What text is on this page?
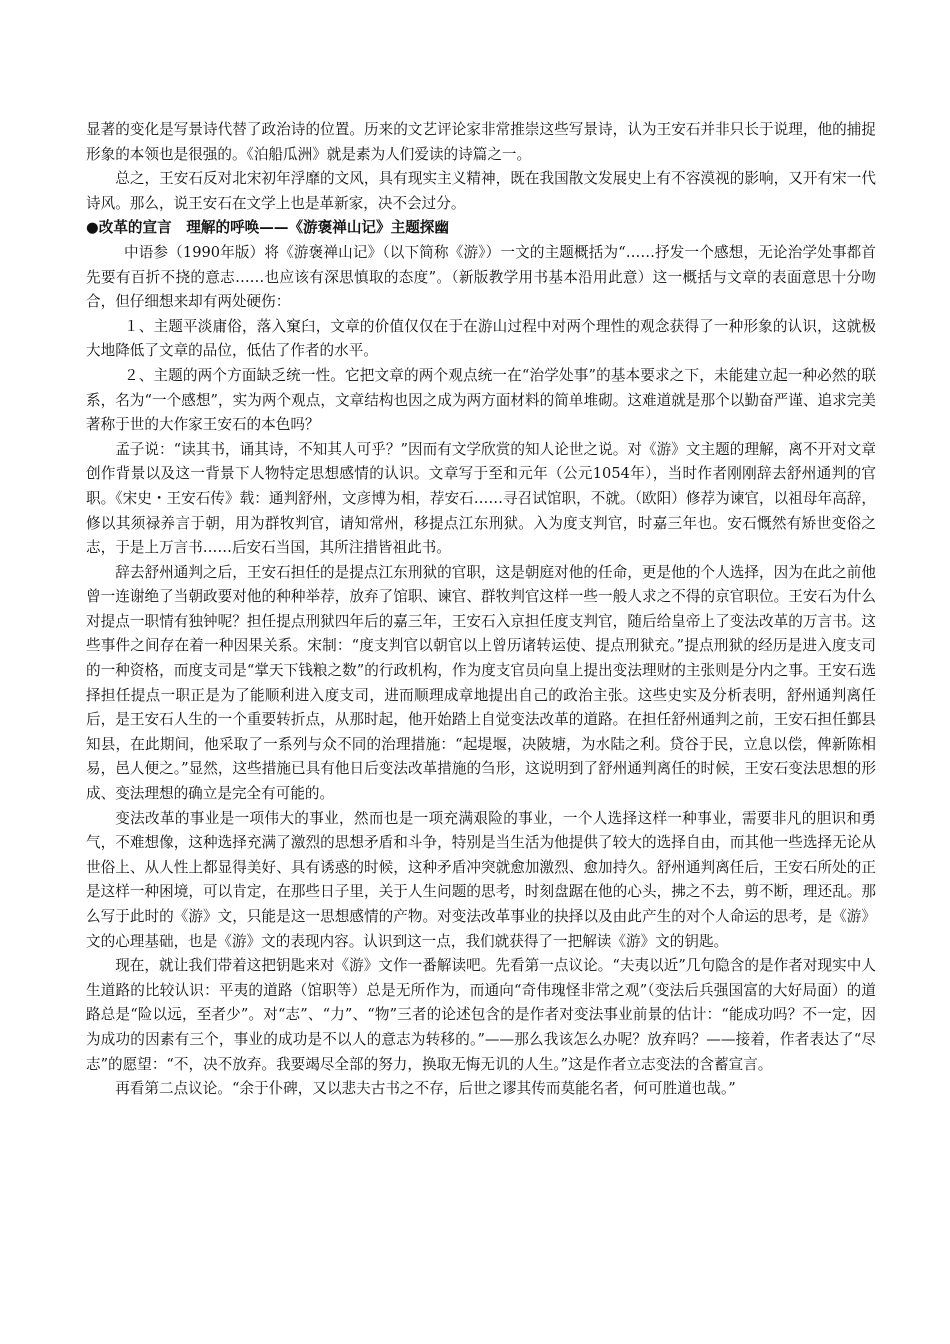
显著的变化是写景诗代替了政治诗的位置。历来的文艺评论家非常推崇这些写景诗，认为王安石并非只长于说理，他的捕捉形象的本领也是很强的。《泊船瓜洲》就是素为人们爱读的诗篇之一。

总之，王安石反对北宋初年浮靡的文风，具有现实主义精神，既在我国散文发展史上有不容漠视的影响，又开有宋一代诗风。那么，说王安石在文学上也是革新家，决不会过分。

●改革的宣言　理解的呼唤——《游褒禅山记》主题探幽

中语参（1990年版）将《游褒禅山记》（以下简称《游》）一文的主题概括为“……抒发一个感想，无论治学处事都首先要有百折不挠的意志……也应该有深思慎取的态度”。（新版教学用书基本沿用此意）这一概括与文章的表面意思十分吻合，但仔细想来却有两处硬伤：

１、主题平淡庸俗，落入窠臼，文章的价值仅仅在于在游山过程中对两个理性的观念获得了一种形象的认识，这就极大地降低了文章的品位，低估了作者的水平。

２、主题的两个方面缺乏统一性。它把文章的两个观点统一在“治学处事”的基本要求之下，未能建立起一种必然的联系，名为“一个感想”，实为两个观点，文章结构也因之成为两方面材料的简单堆砌。这难道就是那个以勤奋严谨、追求完美著称于世的大作家王安石的本色吗？

孟子说：“读其书，诵其诗，不知其人可乎？”因而有文学欣赏的知人论世之说。对《游》文主题的理解，离不开对文章创作背景以及这一背景下人物特定思想感情的认识。文章写于至和元年（公元1054年），当时作者刚刚辞去舒州通判的官职。《宋史・王安石传》载：通判舒州，文彦博为相，荐安石……寻召试馆职，不就。（欧阳）修荐为谏官，以祖母年高辞，修以其须禄养言于朝，用为群牧判官，请知常州，移提点江东刑狱。入为度支判官，时嘉三年也。安石慨然有矫世变俗之志，于是上万言书……后安石当国，其所注措皆祖此书。

辞去舒州通判之后，王安石担任的是提点江东刑狱的官职，这是朝庭对他的任命，更是他的个人选择，因为在此之前他曾一连谢绝了当朝政要对他的种种举荐，放弃了馆职、谏官、群牧判官这样一些一般人求之不得的京官职位。王安石为什么对提点一职情有独钟呢？担任提点刑狱四年后的嘉三年，王安石入京担任度支判官，随后给皇帝上了变法改革的万言书。这些事件之间存在着一种因果关系。宋制：“度支判官以朝官以上曾历诸转运使、提点刑狱充。”提点刑狱的经历是进入度支司的一种资格，而度支司是“掌天下钱粮之数”的行政机构，作为度支官员向皇上提出变法理财的主张则是分内之事。王安石选择担任提点一职正是为了能顺利进入度支司，进而顺理成章地提出自己的政治主张。这些史实及分析表明，舒州通判离任后，是王安石人生的一个重要转折点，从那时起，他开始踏上自觉变法改革的道路。在担任舒州通判之前，王安石担任鄞县知县，在此期间，他采取了一系列与众不同的治理措施：“起堤堰，决陂塘，为水陆之利。贷谷于民，立息以偿，俾新陈相易，邑人便之。”显然，这些措施已具有他日后变法改革措施的刍形，这说明到了舒州通判离任的时候，王安石变法思想的形成、变法理想的确立是完全有可能的。

变法改革的事业是一项伟大的事业，然而也是一项充满艰险的事业，一个人选择这样一种事业，需要非凡的胆识和勇气，不难想像，这种选择充满了激烈的思想矛盾和斗争，特别是当生活为他提供了较大的选择自由，而其他一些选择无论从世俗上、从人性上都显得美好、具有诱惑的时候，这种矛盾冲突就愈加激烈、愈加持久。舒州通判离任后，王安石所处的正是这样一种困境，可以肯定，在那些日子里，关于人生问题的思考，时刻盘踞在他的心头，拂之不去，剪不断，理还乱。那么写于此时的《游》文，只能是这一思想感情的产物。对变法改革事业的抉择以及由此产生的对个人命运的思考，是《游》文的心理基础，也是《游》文的表现内容。认识到这一点，我们就获得了一把解读《游》文的钥匙。

现在，就让我们带着这把钥匙来对《游》文作一番解读吧。先看第一点议论。“夫夷以近”几句隐含的是作者对现实中人生道路的比较认识：平夷的道路（馆职等）总是无所作为，而通向“奇伟瑰怪非常之观”（变法后兵强国富的大好局面）的道路总是“险以远，至者少”。对“志”、“力”、“物”三者的论述包含的是作者对变法事业前景的估计：“能成功吗？不一定，因为成功的因素有三个，事业的成功是不以人的意志为转移的。”——那么我该怎么办呢？放弃吗？——接着，作者表达了“尽志”的愿望：“不，决不放弃。我要竭尽全部的努力，换取无悔无讥的人生。”这是作者立志变法的含蓄宣言。

再看第二点议论。“余于仆碑，又以悲夫古书之不存，后世之谬其传而莫能名者，何可胜道也哉。”
